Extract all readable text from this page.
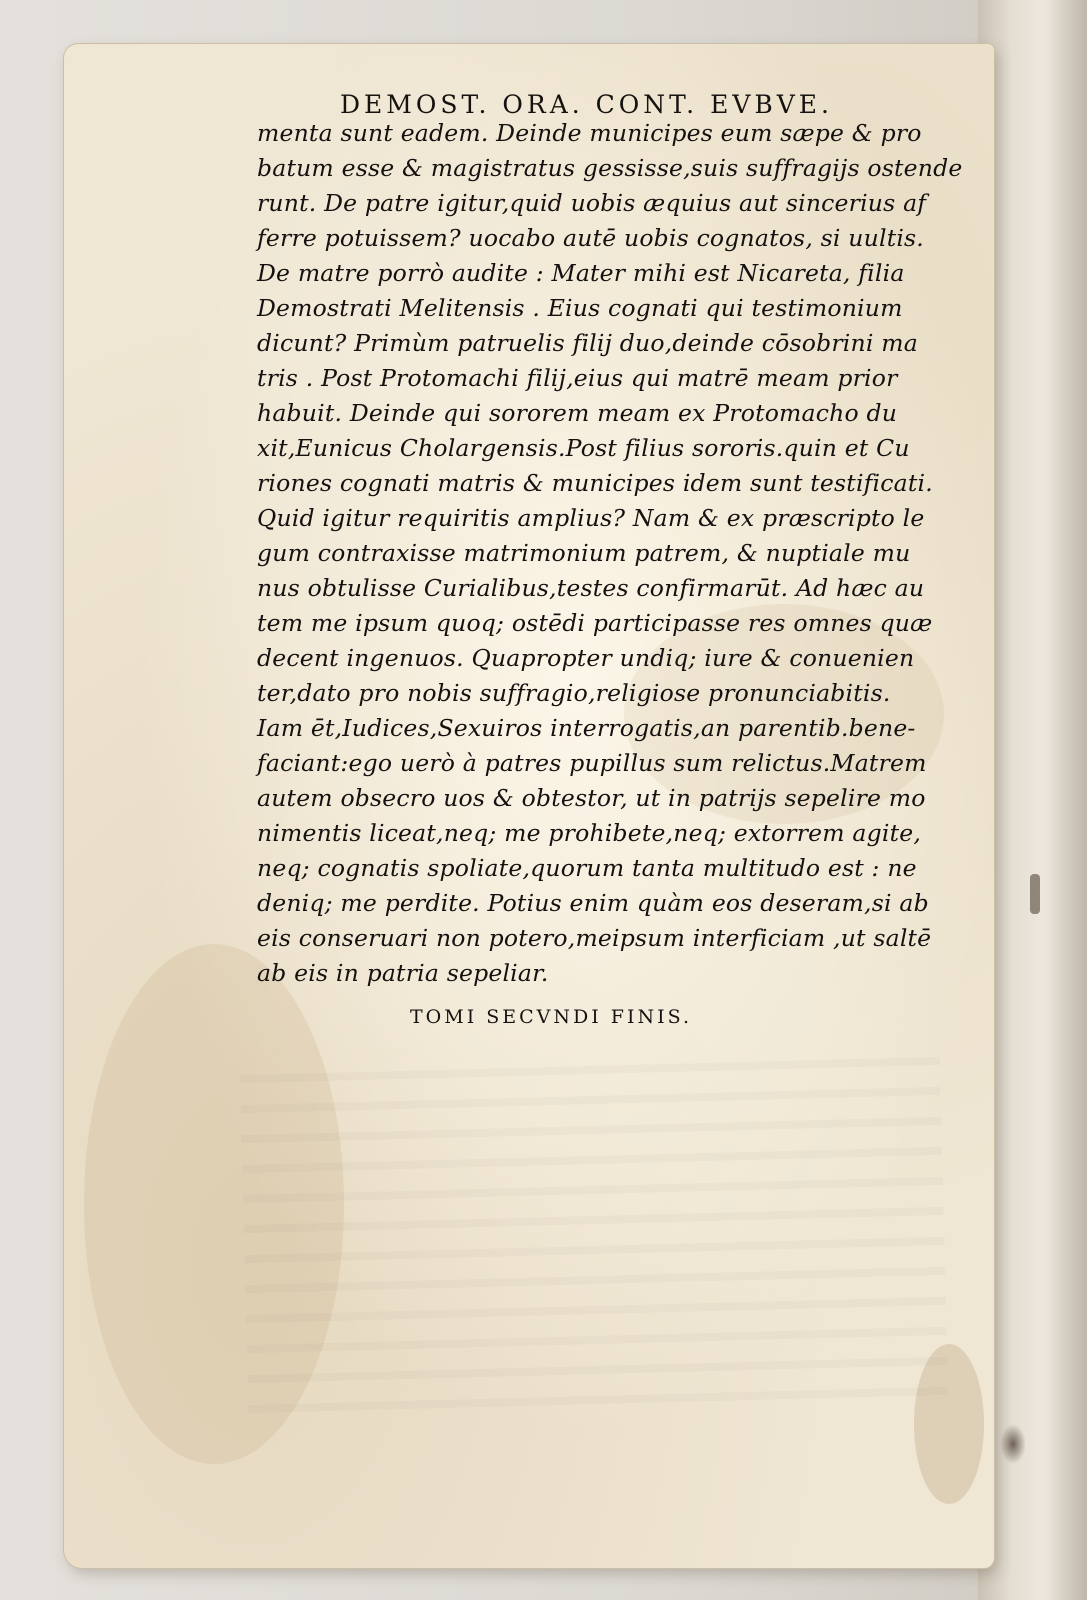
DEMOST. ORA. CONT. EVBVE.
menta sunt eadem. Deinde municipes eum sæpe & pro
batum esse & magistratus gessisse,suis suffragijs ostende
runt. De patre igitur,quid uobis æquius aut sincerius af
ferre potuissem? uocabo autē uobis cognatos, si uultis.
De matre porrò audite : Mater mihi est Nicareta, filia
Demostrati Melitensis . Eius cognati qui testimonium
dicunt? Primùm patruelis filij duo,deinde cōsobrini ma
tris . Post Protomachi filij,eius qui matrē meam prior
habuit. Deinde qui sororem meam ex Protomacho du
xit,Eunicus Cholargensis.Post filius sororis.quin et Cu
riones cognati matris & municipes idem sunt testificati.
Quid igitur requiritis amplius? Nam & ex præscripto le
gum contraxisse matrimonium patrem, & nuptiale mu
nus obtulisse Curialibus,testes confirmarūt. Ad hæc au
tem me ipsum quoq; ostēdi participasse res omnes quæ
decent ingenuos. Quapropter undiq; iure & conuenien
ter,dato pro nobis suffragio,religiose pronunciabitis.
Iam ēt,Iudices,Sexuiros interrogatis,an parentib.bene-
faciant:ego uerò à patres pupillus sum relictus.Matrem
autem obsecro uos & obtestor, ut in patrijs sepelire mo
nimentis liceat,neq; me prohibete,neq; extorrem agite,
neq; cognatis spoliate,quorum tanta multitudo est : ne
deniq; me perdite. Potius enim quàm eos deseram,si ab
eis conseruari non potero,meipsum interficiam ,ut saltē
ab eis in patria sepeliar.
TOMI SECVNDI FINIS.
